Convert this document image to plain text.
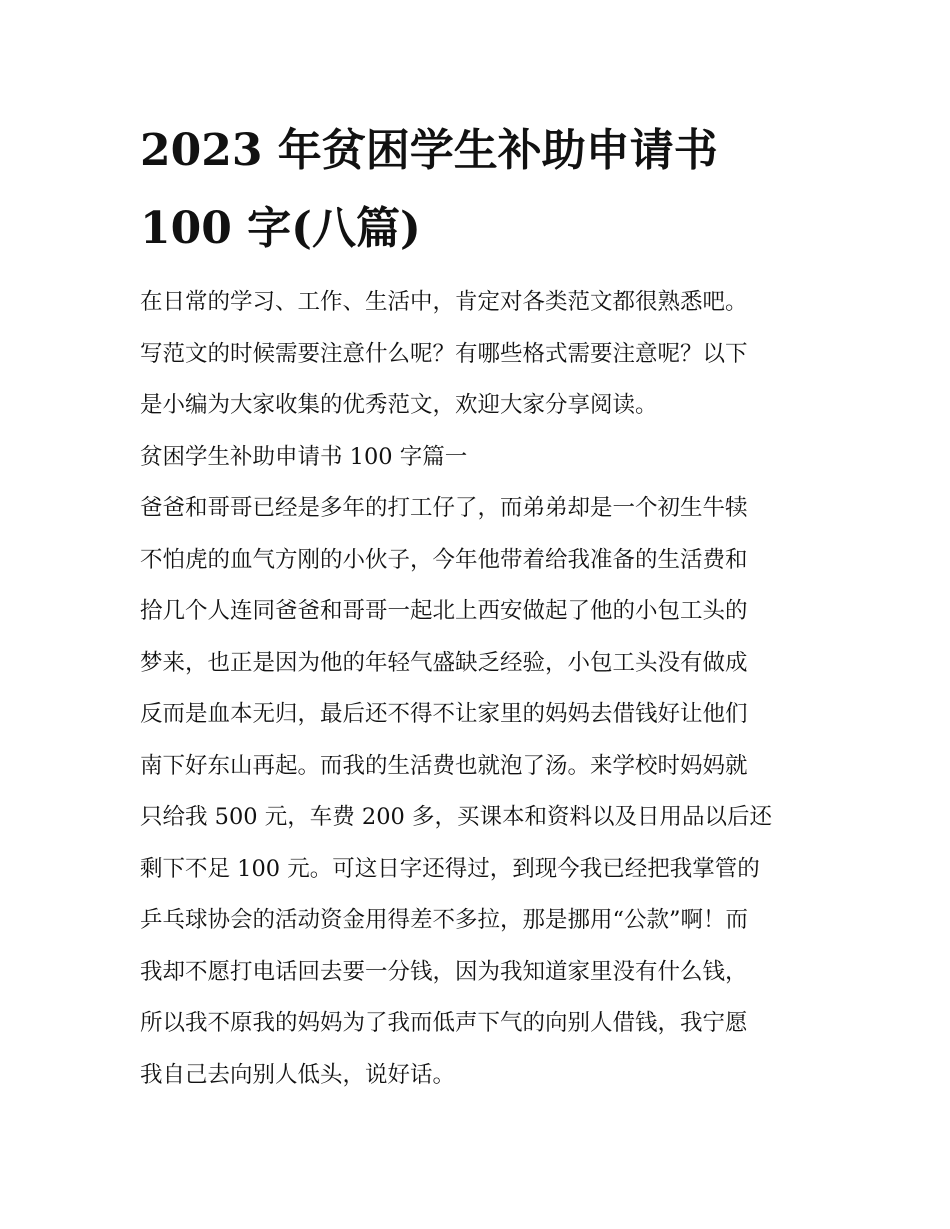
2023 年贫困学生补助申请书
100 字(八篇)
在日常的学习、工作、生活中，肯定对各类范文都很熟悉吧。
写范文的时候需要注意什么呢？有哪些格式需要注意呢？以下
是小编为大家收集的优秀范文，欢迎大家分享阅读。
贫困学生补助申请书 100 字篇一
爸爸和哥哥已经是多年的打工仔了，而弟弟却是一个初生牛犊
不怕虎的血气方刚的小伙子，今年他带着给我准备的生活费和
拾几个人连同爸爸和哥哥一起北上西安做起了他的小包工头的
梦来，也正是因为他的年轻气盛缺乏经验，小包工头没有做成
反而是血本无归，最后还不得不让家里的妈妈去借钱好让他们
南下好东山再起。而我的生活费也就泡了汤。来学校时妈妈就
只给我 500 元，车费 200 多，买课本和资料以及日用品以后还
剩下不足 100 元。可这日字还得过，到现今我已经把我掌管的
乒乓球协会的活动资金用得差不多拉，那是挪用“公款”啊！而
我却不愿打电话回去要一分钱，因为我知道家里没有什么钱，
所以我不原我的妈妈为了我而低声下气的向别人借钱，我宁愿
我自己去向别人低头，说好话。
